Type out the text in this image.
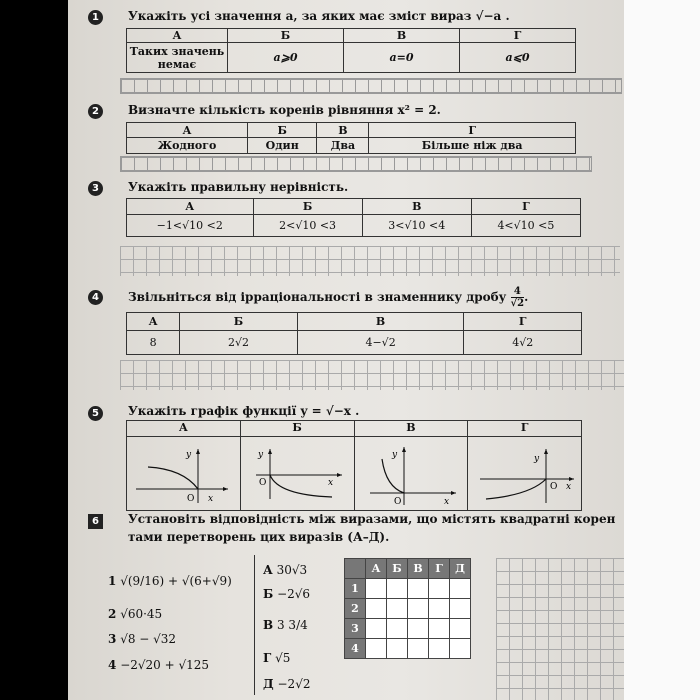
1	Укажіть усі значення a, за яких має зміст вираз √−a .
А	Б	В	Г
Таких значень немає	a⩾0	a=0	a⩽0
2	Визначте кількість коренів рівняння x² = 2.
А	Б	В	Г
Жодного	Один	Два	Більше ніж два
3	Укажіть правильну нерівність.
А	Б	В	Г
−1<√10 <2	2<√10 <3	3<√10 <4	4<√10 <5
4	Звільніться від ірраціональності в знаменнику дробу $\frac{4}{√2}$ .
А	Б	В	Г
8	2√2	4−√2	4√2
5	Укажіть графік функції y = √−x .
А	Б	В	Г

y
O x	y
O x	y
O x	y
O x
6	Установіть відповідність між виразами, що містять квадратні корен
тами перетворень цих виразів (А–Д).
1 √(9/16) + √(6+√9)
2 √60·45
3 √8 − √32
4 −2√20 + √125
А 30√3
Б −2√6
В 3 3/4
Г √5
Д −2√2
	А	Б	В	Г	Д
1					
2					
3					
4					
